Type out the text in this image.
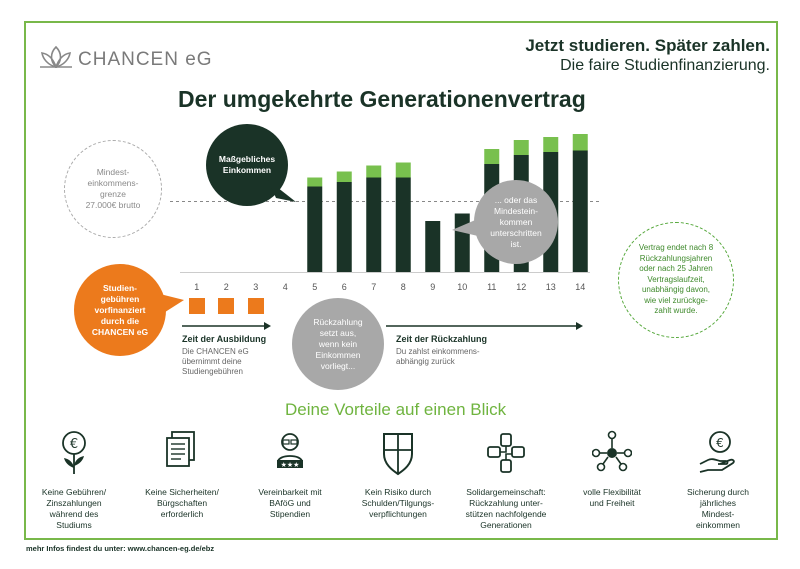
CHANCEN eG
Jetzt studieren. Später zahlen.
Die faire Studienfinanzierung.
Der umgekehrte Generationenvertrag
1	2	3	4	5	6	7	8	9	10	11	12	13	14
Mindest-
einkommens-
grenze
27.000€ brutto
Maßgebliches
Einkommen
... oder das
Mindestein-
kommen
unterschritten
ist.
Studien-
gebühren
vorfinanziert
durch die
CHANCEN eG
Rückzahlung
setzt aus,
wenn kein
Einkommen
vorliegt...
Vertrag endet nach 8
Rückzahlungsjahren
oder nach 25 Jahren
Vertragslaufzeit,
unabhängig davon,
wie viel zurückge-
zahlt wurde.
Zeit der Ausbildung
Die CHANCEN eG
übernimmt deine
Studiengebühren
Zeit der Rückzahlung
Du zahlst einkommens-
abhängig zurück
Deine Vorteile auf einen Blick
€
Keine Gebühren/
Zinszahlungen
während des
Studiums
Keine Sicherheiten/
Bürgschaften
erforderlich
★★★
Vereinbarkeit mit
BAföG und
Stipendien
Kein Risiko durch
Schulden/Tilgungs-
verpflichtungen
Solidargemeinschaft:
Rückzahlung unter-
stützen nachfolgende
Generationen
volle Flexibilität
und Freiheit
€
Sicherung durch
jährliches
Mindest-
einkommen
mehr Infos findest du unter: www.chancen-eg.de/ebz
